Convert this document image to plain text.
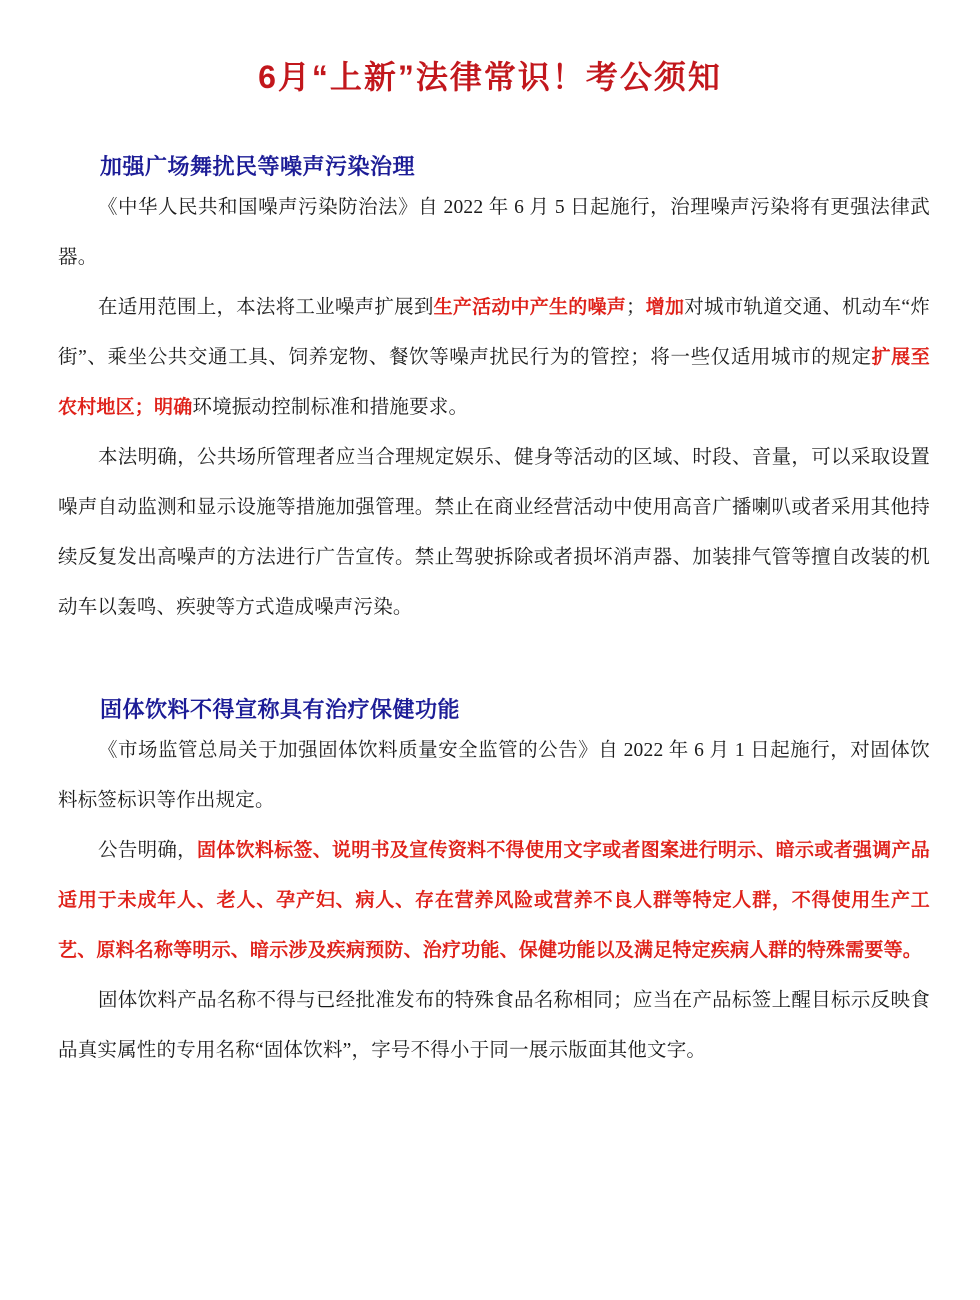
6月“上新”法律常识！考公须知
加强广场舞扰民等噪声污染治理

《中华人民共和国噪声污染防治法》自 2022 年 6 月 5 日起施行，治理噪声污染将有更强法律武器。

在适用范围上，本法将工业噪声扩展到生产活动中产生的噪声；增加对城市轨道交通、机动车“炸街”、乘坐公共交通工具、饲养宠物、餐饮等噪声扰民行为的管控；将一些仅适用城市的规定扩展至农村地区；明确环境振动控制标准和措施要求。

本法明确，公共场所管理者应当合理规定娱乐、健身等活动的区域、时段、音量，可以采取设置噪声自动监测和显示设施等措施加强管理。禁止在商业经营活动中使用高音广播喇叭或者采用其他持续反复发出高噪声的方法进行广告宣传。禁止驾驶拆除或者损坏消声器、加装排气管等擅自改装的机动车以轰鸣、疾驶等方式造成噪声污染。

固体饮料不得宣称具有治疗保健功能

《市场监管总局关于加强固体饮料质量安全监管的公告》自 2022 年 6 月 1 日起施行，对固体饮料标签标识等作出规定。

公告明确，固体饮料标签、说明书及宣传资料不得使用文字或者图案进行明示、暗示或者强调产品适用于未成年人、老人、孕产妇、病人、存在营养风险或营养不良人群等特定人群，不得使用生产工艺、原料名称等明示、暗示涉及疾病预防、治疗功能、保健功能以及满足特定疾病人群的特殊需要等。

固体饮料产品名称不得与已经批准发布的特殊食品名称相同；应当在产品标签上醒目标示反映食品真实属性的专用名称“固体饮料”，字号不得小于同一展示版面其他文字。
